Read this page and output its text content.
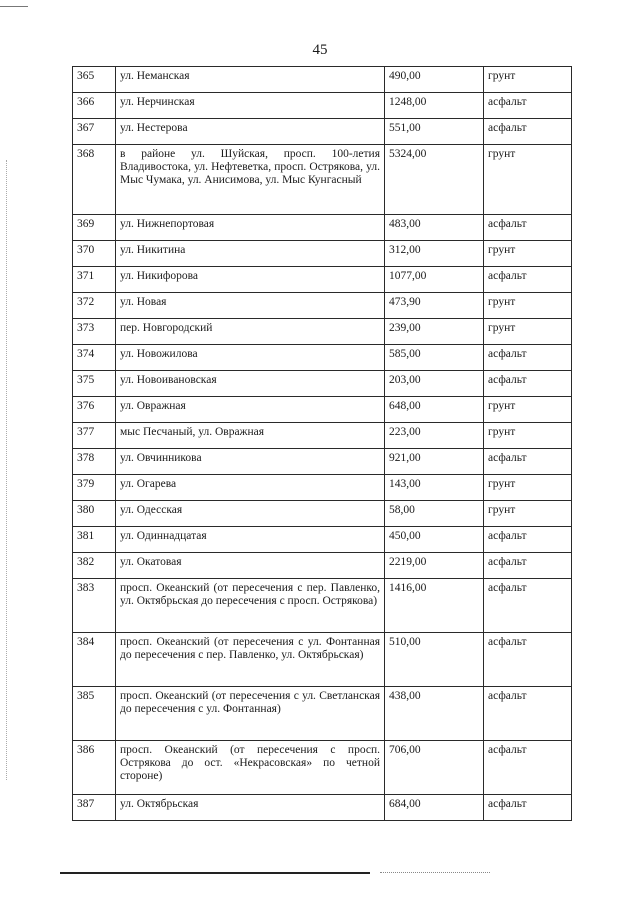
45
365	ул. Неманская	490,00	грунт
366	ул. Нерчинская	1248,00	асфальт
367	ул. Нестерова	551,00	асфальт
368	в районе ул. Шуйская, просп. 100-летия Владивостока, ул. Нефтеветка, просп. Острякова, ул. Мыс Чумака, ул. Анисимова, ул. Мыс Кунгасный	5324,00	грунт
369	ул. Нижнепортовая	483,00	асфальт
370	ул. Никитина	312,00	грунт
371	ул. Никифорова	1077,00	асфальт
372	ул. Новая	473,90	грунт
373	пер. Новгородский	239,00	грунт
374	ул. Новожилова	585,00	асфальт
375	ул. Новоивановская	203,00	асфальт
376	ул. Овражная	648,00	грунт
377	мыс Песчаный, ул. Овражная	223,00	грунт
378	ул. Овчинникова	921,00	асфальт
379	ул. Огарева	143,00	грунт
380	ул. Одесская	58,00	грунт
381	ул. Одиннадцатая	450,00	асфальт
382	ул. Окатовая	2219,00	асфальт
383	просп. Океанский (от пересечения с пер. Павленко, ул. Октябрьская до пересечения с просп. Острякова)	1416,00	асфальт
384	просп. Океанский (от пересечения с ул. Фонтанная до пересечения с пер. Павленко, ул. Октябрьская)	510,00	асфальт
385	просп. Океанский (от пересечения с ул. Светланская до пересечения с ул. Фонтанная)	438,00	асфальт
386	просп. Океанский (от пересечения с просп. Острякова до ост. «Некрасовская» по четной стороне)	706,00	асфальт
387	ул. Октябрьская	684,00	асфальт
